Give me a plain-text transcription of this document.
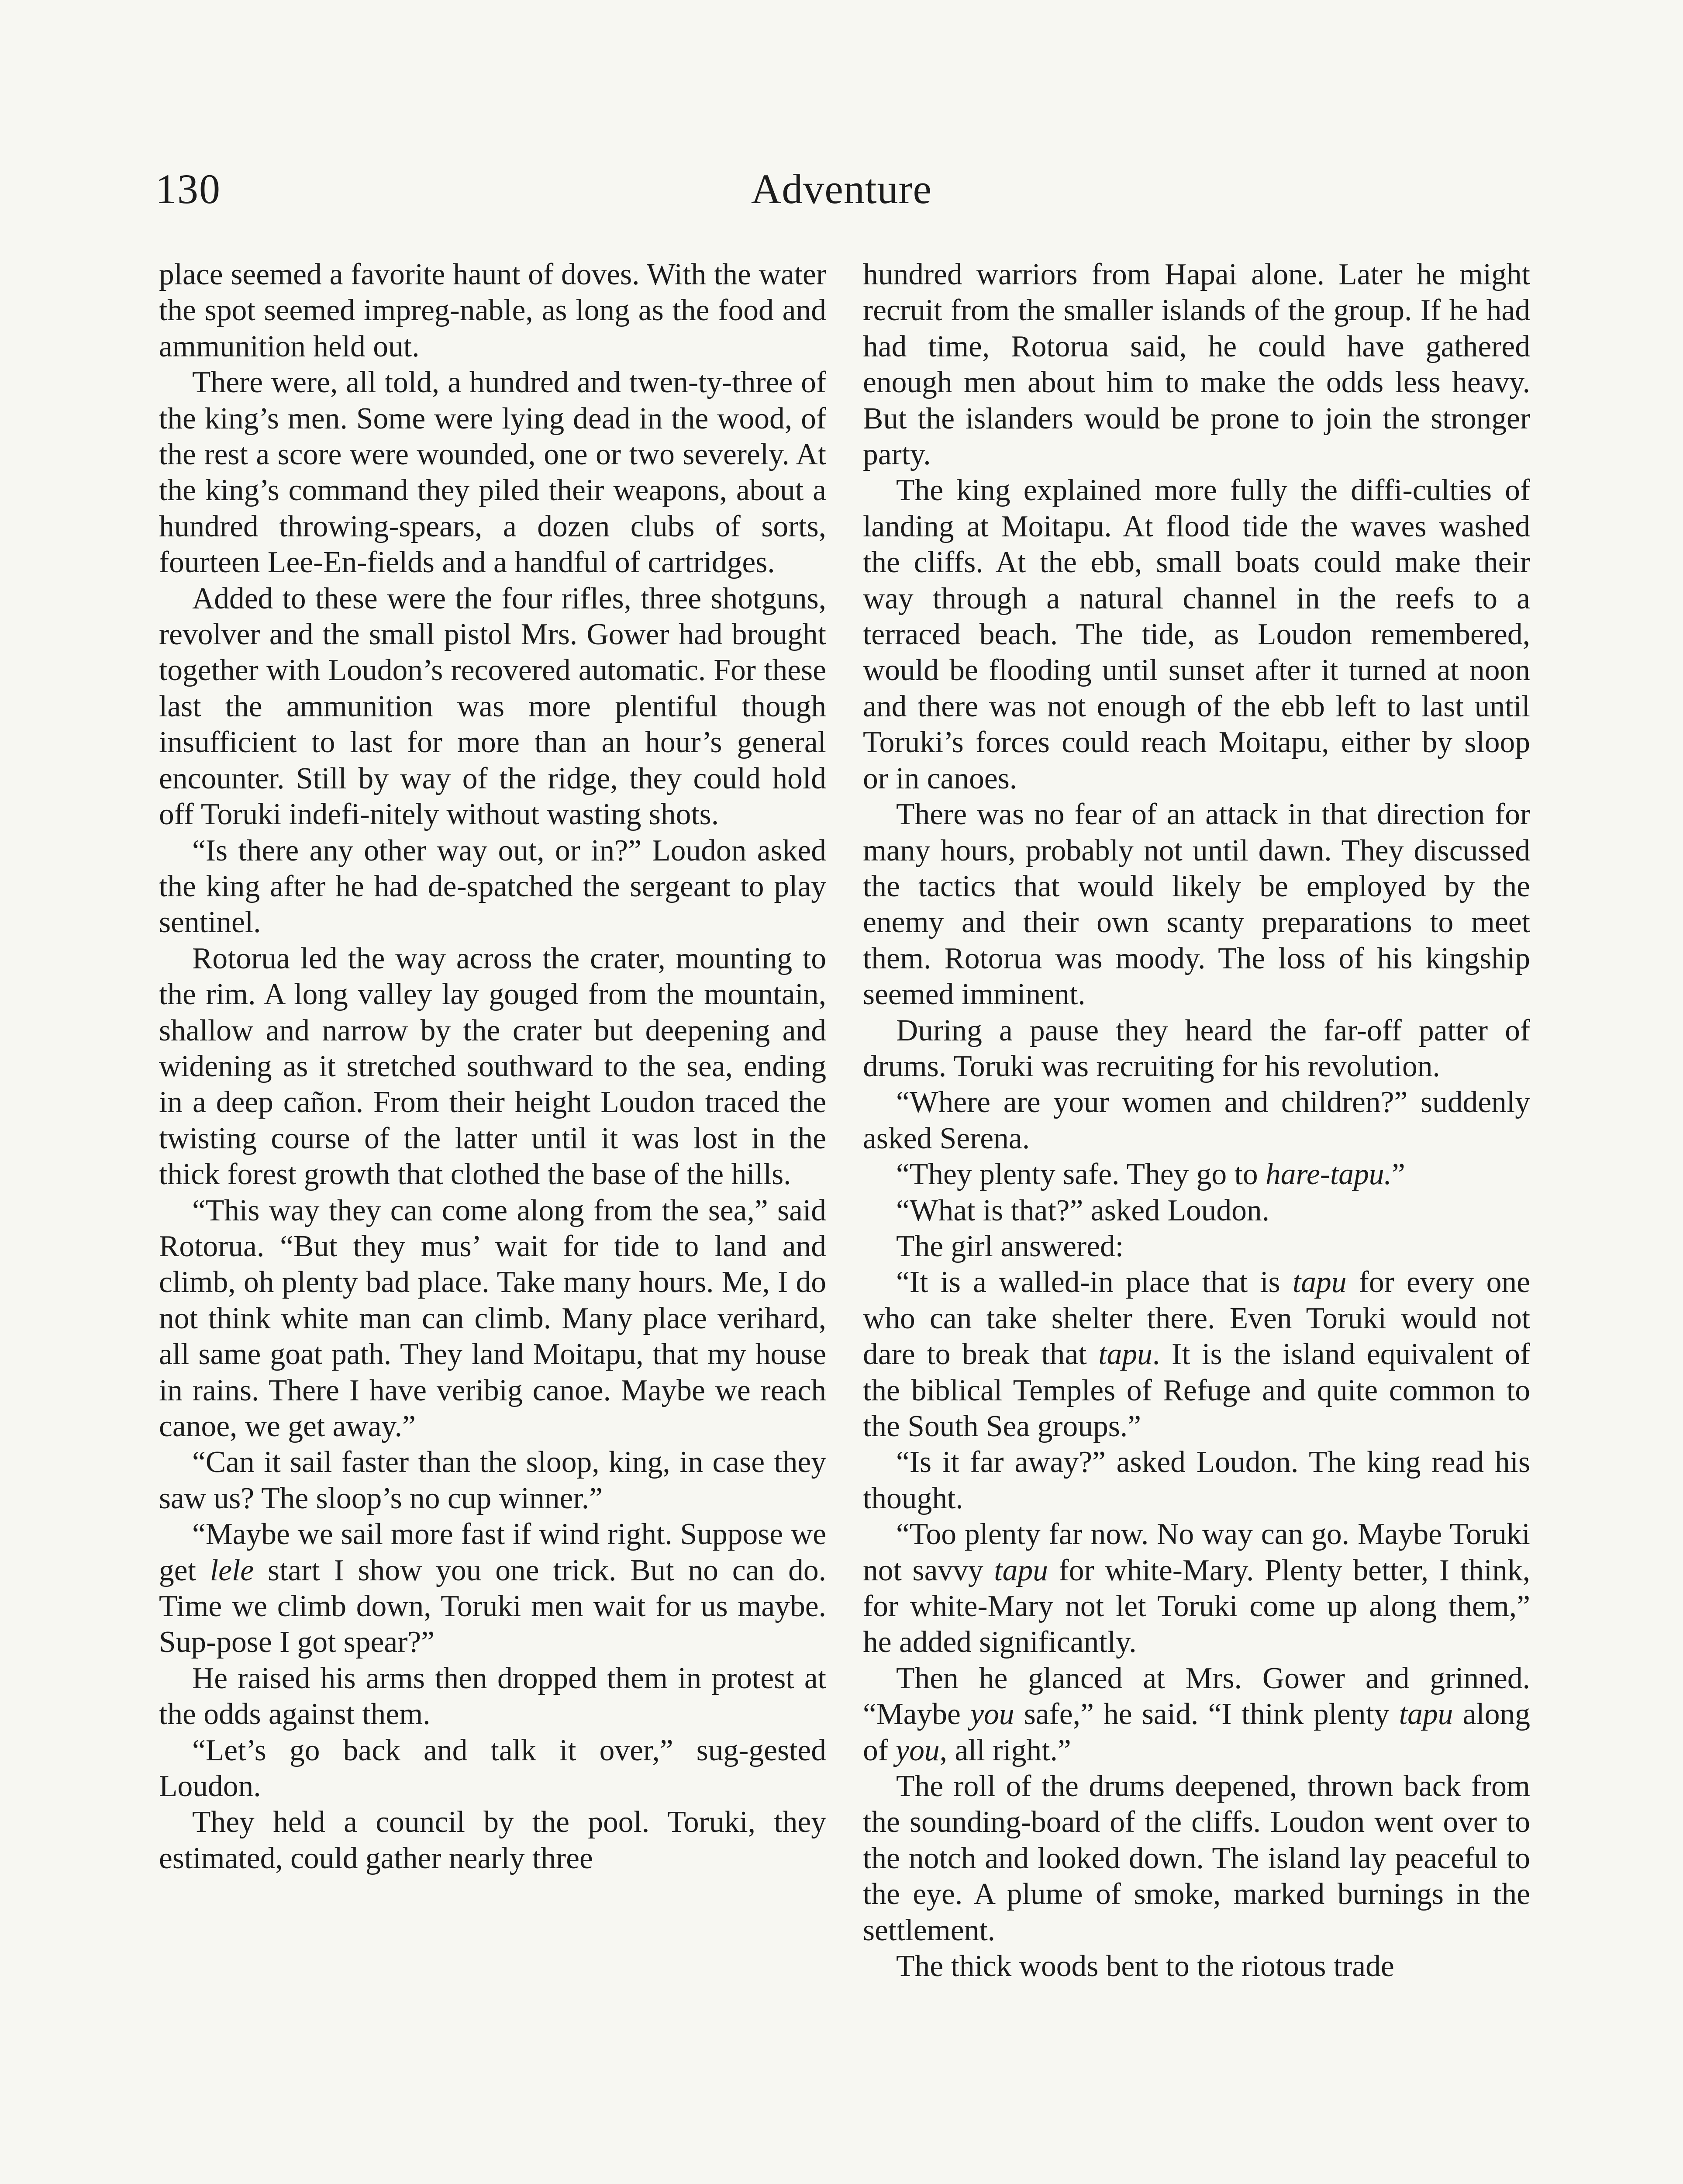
130	Adventure

place seemed a favorite haunt of doves. With the water the spot seemed impreg-nable, as long as the food and ammunition held out.

There were, all told, a hundred and twen-ty-three of the king’s men. Some were lying dead in the wood, of the rest a score were wounded, one or two severely. At the king’s command they piled their weapons, about a hundred throwing-spears, a dozen clubs of sorts, fourteen Lee-En-fields and a handful of cartridges.

Added to these were the four rifles, three shotguns, revolver and the small pistol Mrs. Gower had brought together with Loudon’s recovered automatic. For these last the ammunition was more plentiful though insufficient to last for more than an hour’s general encounter. Still by way of the ridge, they could hold off Toruki indefi-nitely without wasting shots.

“Is there any other way out, or in?” Loudon asked the king after he had de-spatched the sergeant to play sentinel.

Rotorua led the way across the crater, mounting to the rim. A long valley lay gouged from the mountain, shallow and narrow by the crater but deepening and widening as it stretched southward to the sea, ending in a deep cañon. From their height Loudon traced the twisting course of the latter until it was lost in the thick forest growth that clothed the base of the hills.

“This way they can come along from the sea,” said Rotorua. “But they mus’ wait for tide to land and climb, oh plenty bad place. Take many hours. Me, I do not think white man can climb. Many place verihard, all same goat path. They land Moitapu, that my house in rains. There I have veribig canoe. Maybe we reach canoe, we get away.”

“Can it sail faster than the sloop, king, in case they saw us? The sloop’s no cup winner.”

“Maybe we sail more fast if wind right. Suppose we get lele start I show you one trick. But no can do. Time we climb down, Toruki men wait for us maybe. Sup-pose I got spear?”

He raised his arms then dropped them in protest at the odds against them.

“Let’s go back and talk it over,” sug-gested Loudon.

They held a council by the pool. Toruki, they estimated, could gather nearly three

hundred warriors from Hapai alone. Later he might recruit from the smaller islands of the group. If he had had time, Rotorua said, he could have gathered enough men about him to make the odds less heavy. But the islanders would be prone to join the stronger party.

The king explained more fully the diffi-culties of landing at Moitapu. At flood tide the waves washed the cliffs. At the ebb, small boats could make their way through a natural channel in the reefs to a terraced beach. The tide, as Loudon remembered, would be flooding until sunset after it turned at noon and there was not enough of the ebb left to last until Toruki’s forces could reach Moitapu, either by sloop or in canoes.

There was no fear of an attack in that direction for many hours, probably not until dawn. They discussed the tactics that would likely be employed by the enemy and their own scanty preparations to meet them. Rotorua was moody. The loss of his kingship seemed imminent.

During a pause they heard the far-off patter of drums. Toruki was recruiting for his revolution.

“Where are your women and children?” suddenly asked Serena.

“They plenty safe. They go to hare-tapu.”

“What is that?” asked Loudon.

The girl answered:

“It is a walled-in place that is tapu for every one who can take shelter there. Even Toruki would not dare to break that tapu. It is the island equivalent of the biblical Temples of Refuge and quite common to the South Sea groups.”

“Is it far away?” asked Loudon. The king read his thought.

“Too plenty far now. No way can go. Maybe Toruki not savvy tapu for white-Mary. Plenty better, I think, for white-Mary not let Toruki come up along them,” he added significantly.

Then he glanced at Mrs. Gower and grinned. “Maybe you safe,” he said. “I think plenty tapu along of you, all right.”

The roll of the drums deepened, thrown back from the sounding-board of the cliffs. Loudon went over to the notch and looked down. The island lay peaceful to the eye. A plume of smoke, marked burnings in the settlement.

The thick woods bent to the riotous trade
